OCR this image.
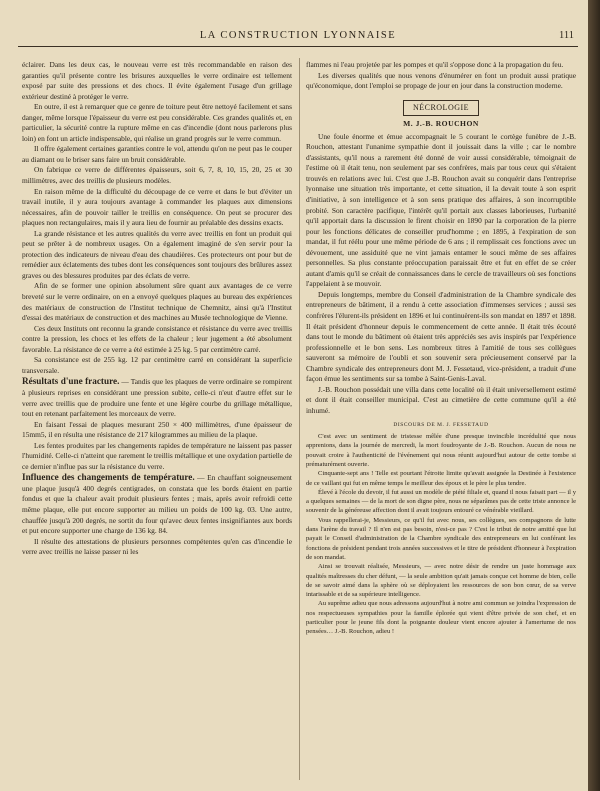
LA CONSTRUCTION LYONNAISE	111

éclairer. Dans les deux cas, le nouveau verre est très recommandable en raison des garanties qu'il présente contre les brisures auxquelles le verre ordinaire est tellement exposé par suite des pressions et des chocs. Il évite également l'usage d'un grillage extérieur destiné à protéger le verre.

En outre, il est à remarquer que ce genre de toiture peut être nettoyé facilement et sans danger, même lorsque l'épaisseur du verre est peu considérable. Ces grandes qualités et, en particulier, la sécurité contre la rupture même en cas d'incendie (dont nous parlerons plus loin) en font un article indispensable, qui réalise un grand progrès sur le verre commun.

Il offre également certaines garanties contre le vol, attendu qu'on ne peut pas le couper au diamant ou le briser sans faire un bruit considérable.

On fabrique ce verre de différentes épaisseurs, soit 6, 7, 8, 10, 15, 20, 25 et 30 millimètres, avec des treillis de plusieurs modèles.

En raison même de la difficulté du découpage de ce verre et dans le but d'éviter un travail inutile, il y aura toujours avantage à commander les plaques aux dimensions nécessaires, afin de pouvoir tailler le treillis en conséquence. On peut se procurer des plaques non rectangulaires, mais il y aura lieu de fournir au préalable des dessins exacts.

La grande résistance et les autres qualités du verre avec treillis en font un produit qui peut se prêter à de nombreux usages. On a également imaginé de s'en servir pour la protection des indicateurs de niveau d'eau des chaudières. Ces protecteurs ont pour but de remédier aux éclatements des tubes dont les conséquences sont toujours des brûlures assez graves ou des blessures produites par des éclats de verre.

Afin de se former une opinion absolument sûre quant aux avantages de ce verre breveté sur le verre ordinaire, on en a envoyé quelques plaques au bureau des expériences des matériaux de construction de l'Institut technique de Chemnitz, ainsi qu'à l'Institut d'essai des matériaux de construction et des machines au Musée technologique de Vienne.

Ces deux Instituts ont reconnu la grande consistance et résistance du verre avec treillis contre la pression, les chocs et les effets de la chaleur ; leur jugement a été absolument favorable. La résistance de ce verre a été estimée à 25 kg. 5 par centimètre carré.

Sa consistance est de 255 kg. 12 par centimètre carré en considérant la superficie transversale.

Résultats d'une fracture. — Tandis que les plaques de verre ordinaire se rompirent à plusieurs reprises en considérant une pression subite, celle-ci n'eut d'autre effet sur le verre avec treillis que de produire une fente et une légère courbe du grillage métallique, tout en retenant parfaitement les morceaux de verre.

En faisant l'essai de plaques mesurant 250 × 400 millimètres, d'une épaisseur de 15mm5, il en résulta une résistance de 217 kilogrammes au milieu de la plaque.

Les fentes produites par les changements rapides de température ne laissent pas passer l'humidité. Celle-ci n'atteint que rarement le treillis métallique et une oxydation partielle de ce dernier n'influe pas sur la résistance du verre.

Influence des changements de température. — En chauffant soigneusement une plaque jusqu'à 400 degrés centigrades, on constata que les bords étaient en partie fondus et que la chaleur avait produit plusieurs fentes ; mais, après avoir refroidi cette même plaque, elle put encore supporter au milieu un poids de 100 kg. 03. Une autre, chauffée jusqu'à 200 degrés, ne sortit du four qu'avec deux fentes insignifiantes aux bords et put encore supporter une charge de 136 kg. 84.

Il résulte des attestations de plusieurs personnes compétentes qu'en cas d'incendie le verre avec treillis ne laisse passer ni les

flammes ni l'eau projetée par les pompes et qu'il s'oppose donc à la propagation du feu.

Les diverses qualités que nous venons d'énumérer en font un produit aussi pratique qu'économique, dont l'emploi se propage de jour en jour dans la construction moderne.

NÉCROLOGIE
M. J.-B. ROUCHON

Une foule énorme et émue accompagnait le 5 courant le cortège funèbre de J.-B. Rouchon, attestant l'unanime sympathie dont il jouissait dans la ville ; car le nombre d'assistants, qu'il nous a rarement été donné de voir aussi considérable, témoignait de l'estime où il était tenu, non seulement par ses confrères, mais par tous ceux qui s'étaient trouvés en relations avec lui. C'est que J.-B. Rouchon avait su conquérir dans l'entreprise lyonnaise une situation très importante, et cette situation, il la devait toute à son esprit d'initiative, à son intelligence et à son sens pratique des affaires, à son incorruptible probité. Son caractère pacifique, l'intérêt qu'il portait aux classes laborieuses, l'urbanité qu'il apportait dans la discussion le firent choisir en 1890 par la corporation de la pierre pour les fonctions délicates de conseiller prud'homme ; en 1895, à l'expiration de son mandat, il fut réélu pour une même période de 6 ans ; il remplissait ces fonctions avec un dévouement, une assiduité que ne vint jamais entamer le souci même de ses affaires personnelles. Sa plus constante préoccupation paraissait être et fut en effet de se créer autant d'amis qu'il se créait de connaissances dans le cercle de travailleurs où ses fonctions l'appelaient à se mouvoir.

Depuis longtemps, membre du Conseil d'administration de la Chambre syndicale des entrepreneurs de bâtiment, il a rendu à cette association d'immenses services ; aussi ses confrères l'élurent-ils président en 1896 et lui continuèrent-ils son mandat en 1897 et 1898. Il était président d'honneur depuis le commencement de cette année. Il était très écouté dans tout le monde du bâtiment où étaient très appréciés ses avis inspirés par l'expérience professionnelle et le bon sens. Les nombreux titres à l'amitié de tous ses collègues sauveront sa mémoire de l'oubli et son souvenir sera précieusement conservé par la Chambre syndicale des entrepreneurs dont M. J. Fessetaud, vice-président, a traduit d'une façon émue les sentiments sur sa tombe à Saint-Genis-Laval.

J.-B. Rouchon possédait une villa dans cette localité où il était universellement estimé et dont il était conseiller municipal. C'est au cimetière de cette commune qu'il a été inhumé.

DISCOURS DE M. J. FESSETAUD

C'est avec un sentiment de tristesse mêlée d'une presque invincible incrédulité que nous apprenions, dans la journée de mercredi, la mort foudroyante de J.-B. Rouchon. Aucun de nous ne pouvait croire à l'authenticité de l'événement qui nous réunit aujourd'hui autour de cette tombe si prématurément ouverte.

Cinquante-sept ans ! Telle est pourtant l'étroite limite qu'avait assignée la Destinée à l'existence de ce vaillant qui fut en même temps le meilleur des époux et le père le plus tendre.

Élevé à l'école du devoir, il fut aussi un modèle de piété filiale et, quand il nous faisait part — il y a quelques semaines — de la mort de son digne père, nous ne séparâmes pas de cette triste annonce le souvenir de la généreuse affection dont il avait toujours entouré ce vénérable vieillard.

Vous rappellerai-je, Messieurs, ce qu'il fut avec nous, ses collègues, ses compagnons de lutte dans l'arène du travail ? Il n'en est pas besoin, n'est-ce pas ? C'est le tribut de notre amitié que lui payait le Conseil d'administration de la Chambre syndicale des entrepreneurs en lui conférant les fonctions de président pendant trois années successives et le titre de président d'honneur à l'expiration de son mandat.

Ainsi se trouvait réalisée, Messieurs, — avec notre désir de rendre un juste hommage aux qualités maîtresses du cher défunt, — la seule ambition qu'ait jamais conçue cet homme de bien, celle de se savoir aimé dans la sphère où se déployaient les ressources de son bon cœur, de sa verve intarissable et de sa supérieure intelligence.

Au suprême adieu que nous adressons aujourd'hui à notre ami commun se joindra l'expression de nos respectueuses sympathies pour la famille éplorée qui vient d'être privée de son chef, et en particulier pour le jeune fils dont la poignante douleur vient encore ajouter à l'amertume de nos pensées… J.-B. Rouchon, adieu !
